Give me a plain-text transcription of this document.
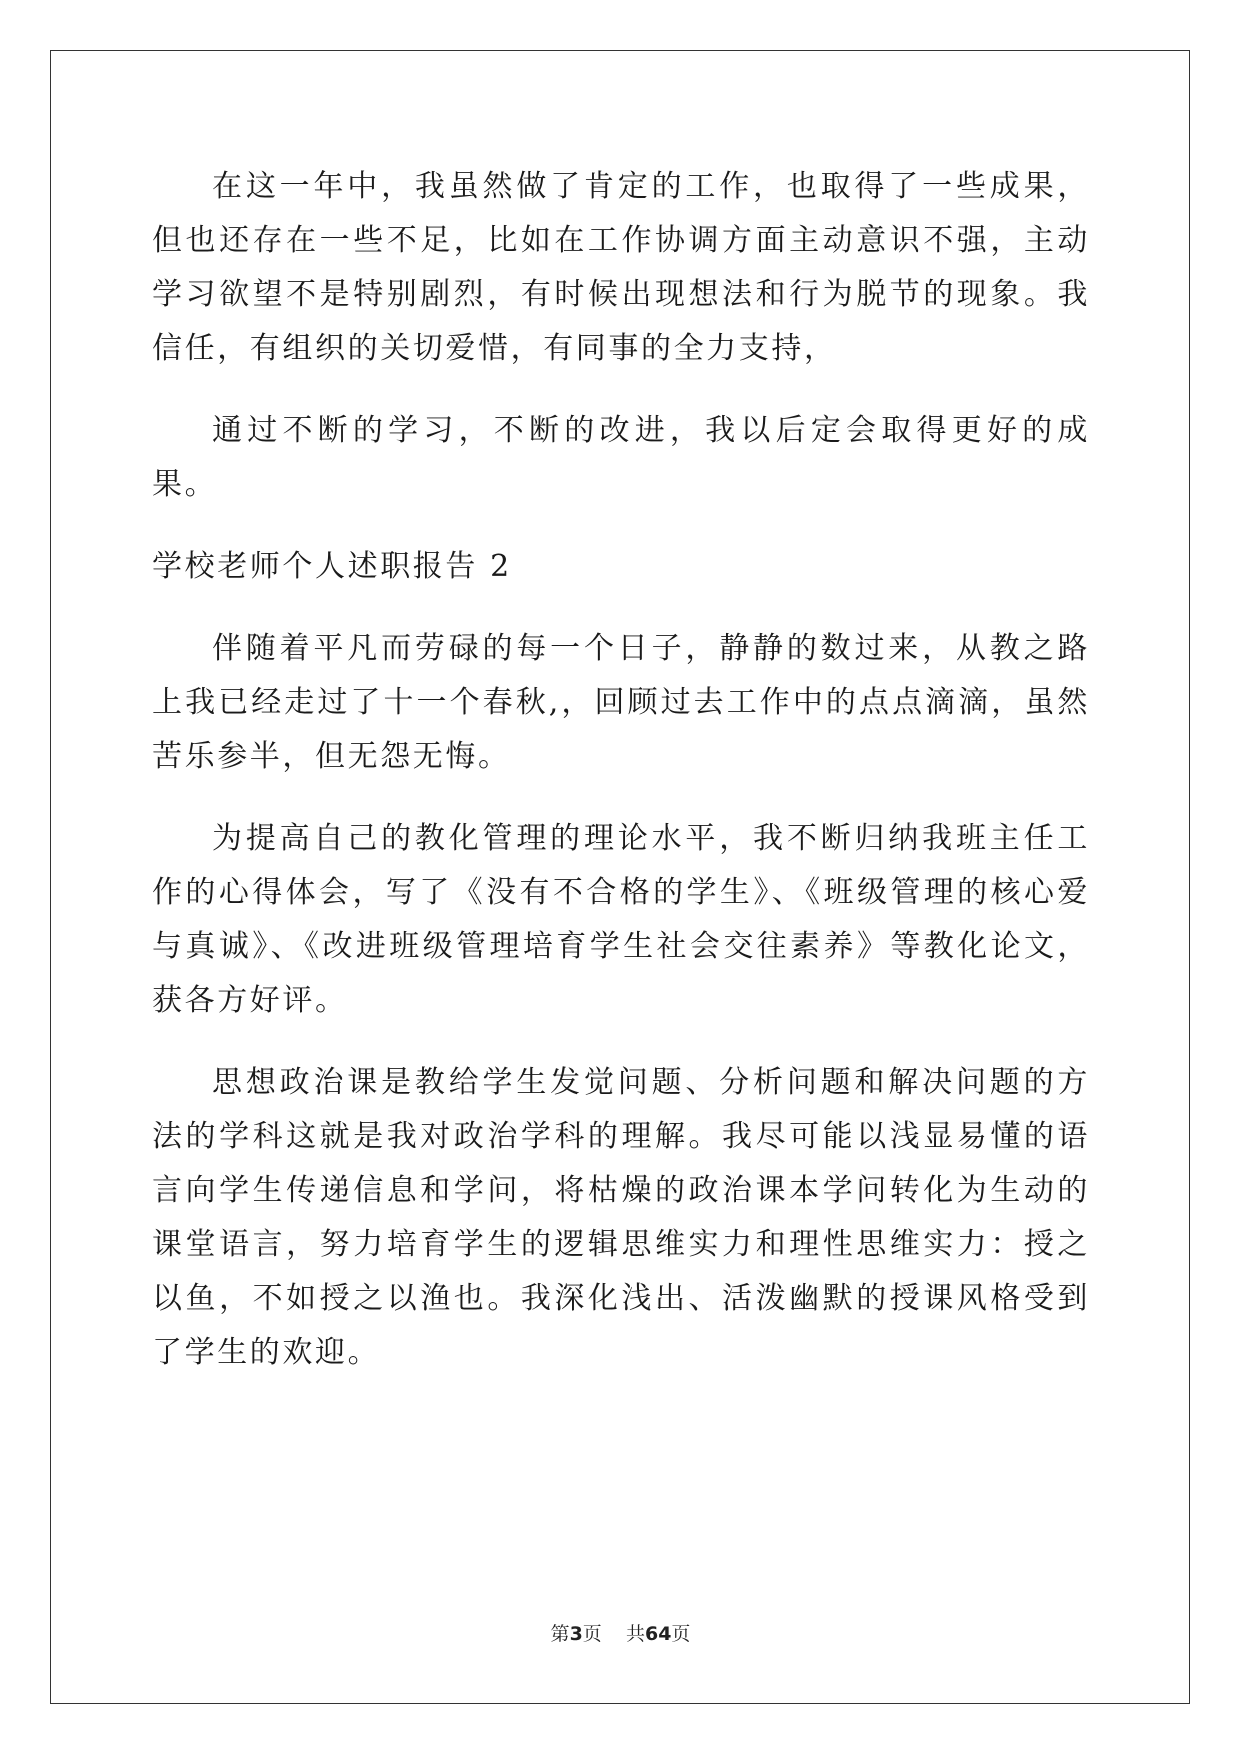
在这一年中，我虽然做了肯定的工作，也取得了一些成果，但也还存在一些不足，比如在工作协调方面主动意识不强，主动学习欲望不是特别剧烈，有时候出现想法和行为脱节的现象。我信任，有组织的关切爱惜，有同事的全力支持，

通过不断的学习，不断的改进，我以后定会取得更好的成果。

学校老师个人述职报告 2

伴随着平凡而劳碌的每一个日子，静静的数过来，从教之路上我已经走过了十一个春秋,，回顾过去工作中的点点滴滴，虽然苦乐参半，但无怨无悔。

为提高自己的教化管理的理论水平，我不断归纳我班主任工作的心得体会，写了《没有不合格的学生》、《班级管理的核心爱与真诚》、《改进班级管理培育学生社会交往素养》等教化论文，获各方好评。

思想政治课是教给学生发觉问题、分析问题和解决问题的方法的学科这就是我对政治学科的理解。我尽可能以浅显易懂的语言向学生传递信息和学问，将枯燥的政治课本学问转化为生动的课堂语言，努力培育学生的逻辑思维实力和理性思维实力：授之以鱼，不如授之以渔也。我深化浅出、活泼幽默的授课风格受到了学生的欢迎。

第3页    共64页
